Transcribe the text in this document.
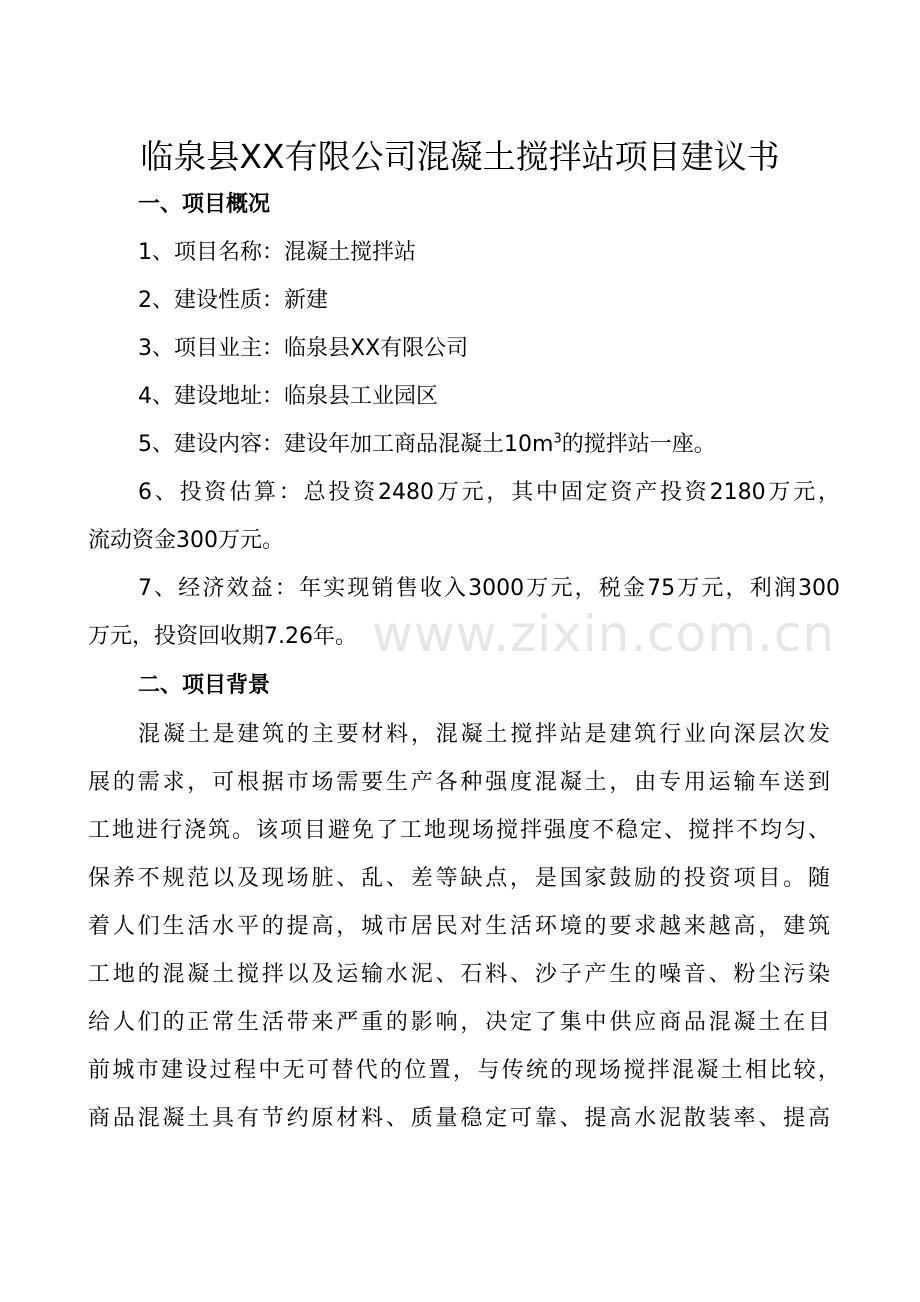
临泉县XX有限公司混凝土搅拌站项目建议书

一、项目概况

1、项目名称：混凝土搅拌站

2、建设性质：新建

3、项目业主：临泉县XX有限公司

4、建设地址：临泉县工业园区

5、建设内容：建设年加工商品混凝土$10m^3$的搅拌站一座。

6、投资估算：总投资2480万元，其中固定资产投资2180万元，

流动资金300万元。

7、经济效益：年实现销售收入3000万元，税金75万元，利润300

万元，投资回收期7.26年。

二、项目背景

混凝土是建筑的主要材料，混凝土搅拌站是建筑行业向深层次发

展的需求，可根据市场需要生产各种强度混凝土，由专用运输车送到

工地进行浇筑。该项目避免了工地现场搅拌强度不稳定、搅拌不均匀、

保养不规范以及现场脏、乱、差等缺点，是国家鼓励的投资项目。随

着人们生活水平的提高，城市居民对生活环境的要求越来越高，建筑

工地的混凝土搅拌以及运输水泥、石料、沙子产生的噪音、粉尘污染

给人们的正常生活带来严重的影响，决定了集中供应商品混凝土在目

前城市建设过程中无可替代的位置，与传统的现场搅拌混凝土相比较，

商品混凝土具有节约原材料、质量稳定可靠、提高水泥散装率、提高

www.zixin.com.cn
